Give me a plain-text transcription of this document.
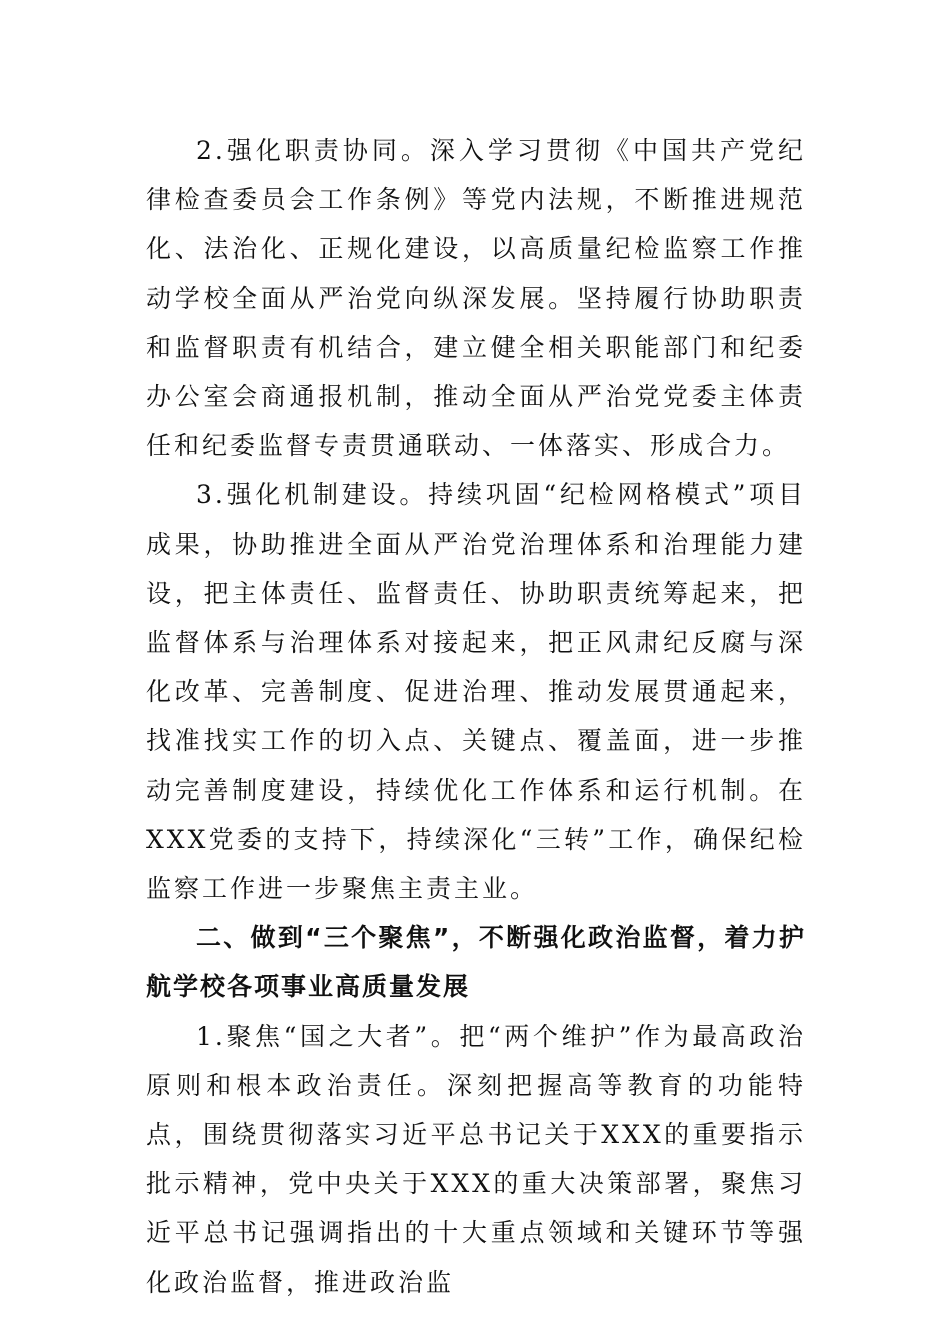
2.强化职责协同。深入学习贯彻《中国共产党纪律检查委员会工作条例》等党内法规，不断推进规范化、法治化、正规化建设，以高质量纪检监察工作推动学校全面从严治党向纵深发展。坚持履行协助职责和监督职责有机结合，建立健全相关职能部门和纪委办公室会商通报机制，推动全面从严治党党委主体责任和纪委监督专责贯通联动、一体落实、形成合力。

3.强化机制建设。持续巩固“纪检网格模式”项目成果，协助推进全面从严治党治理体系和治理能力建设，把主体责任、监督责任、协助职责统筹起来，把监督体系与治理体系对接起来，把正风肃纪反腐与深化改革、完善制度、促进治理、推动发展贯通起来，找准找实工作的切入点、关键点、覆盖面，进一步推动完善制度建设，持续优化工作体系和运行机制。在XXX党委的支持下，持续深化“三转”工作，确保纪检监察工作进一步聚焦主责主业。

二、做到“三个聚焦”，不断强化政治监督，着力护航学校各项事业高质量发展

1.聚焦“国之大者”。把“两个维护”作为最高政治原则和根本政治责任。深刻把握高等教育的功能特点，围绕贯彻落实习近平总书记关于XXX的重要指示批示精神，党中央关于XXX的重大决策部署，聚焦习近平总书记强调指出的十大重点领域和关键环节等强化政治监督，推进政治监
